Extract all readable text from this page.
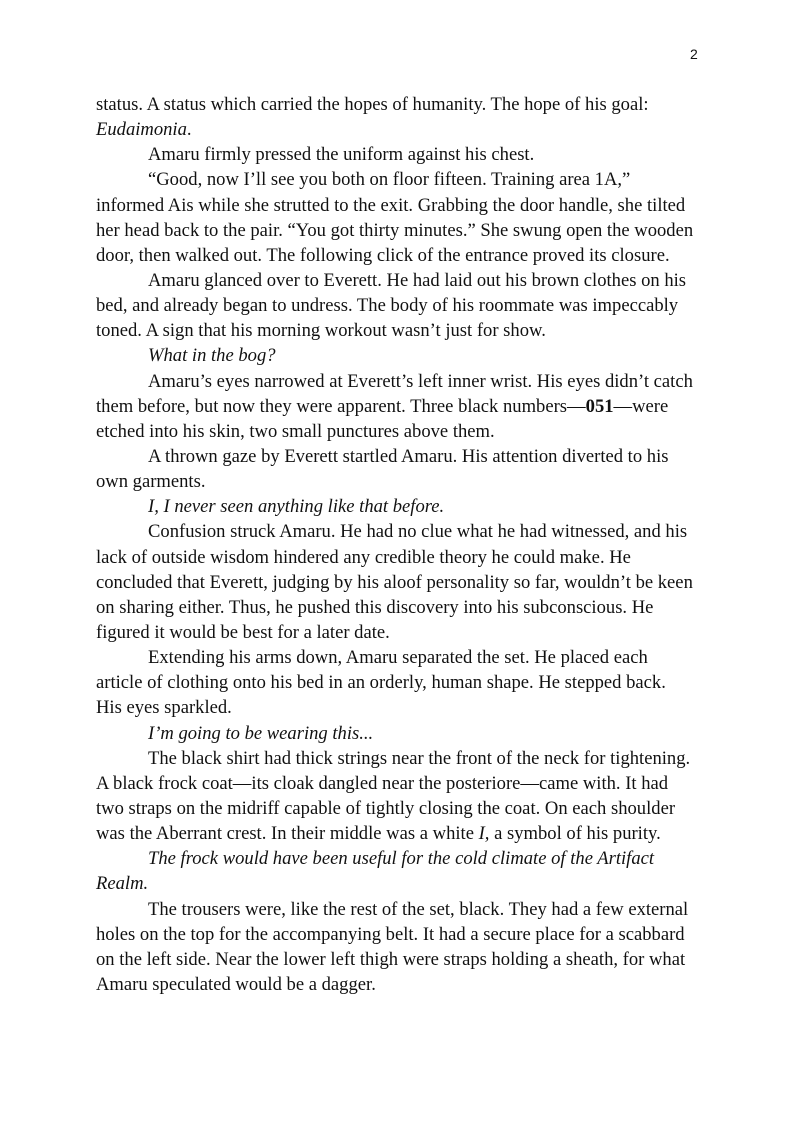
2
status. A status which carried the hopes of humanity. The hope of his goal:
Eudaimonia.
Amaru firmly pressed the uniform against his chest.
“Good, now I’ll see you both on floor fifteen. Training area 1A,”
informed Ais while she strutted to the exit. Grabbing the door handle, she tilted
her head back to the pair. “You got thirty minutes.” She swung open the wooden
door, then walked out. The following click of the entrance proved its closure.
Amaru glanced over to Everett. He had laid out his brown clothes on his
bed, and already began to undress. The body of his roommate was impeccably
toned. A sign that his morning workout wasn’t just for show.
What in the bog?
Amaru’s eyes narrowed at Everett’s left inner wrist. His eyes didn’t catch
them before, but now they were apparent. Three black numbers—051—were
etched into his skin, two small punctures above them.
A thrown gaze by Everett startled Amaru. His attention diverted to his
own garments.
I, I never seen anything like that before.
Confusion struck Amaru. He had no clue what he had witnessed, and his
lack of outside wisdom hindered any credible theory he could make. He
concluded that Everett, judging by his aloof personality so far, wouldn’t be keen
on sharing either. Thus, he pushed this discovery into his subconscious. He
figured it would be best for a later date.
Extending his arms down, Amaru separated the set. He placed each
article of clothing onto his bed in an orderly, human shape. He stepped back.
His eyes sparkled.
I’m going to be wearing this...
The black shirt had thick strings near the front of the neck for tightening.
A black frock coat—its cloak dangled near the posteriore—came with. It had
two straps on the midriff capable of tightly closing the coat. On each shoulder
was the Aberrant crest. In their middle was a white I, a symbol of his purity.
The frock would have been useful for the cold climate of the Artifact
Realm.
The trousers were, like the rest of the set, black. They had a few external
holes on the top for the accompanying belt. It had a secure place for a scabbard
on the left side. Near the lower left thigh were straps holding a sheath, for what
Amaru speculated would be a dagger.
